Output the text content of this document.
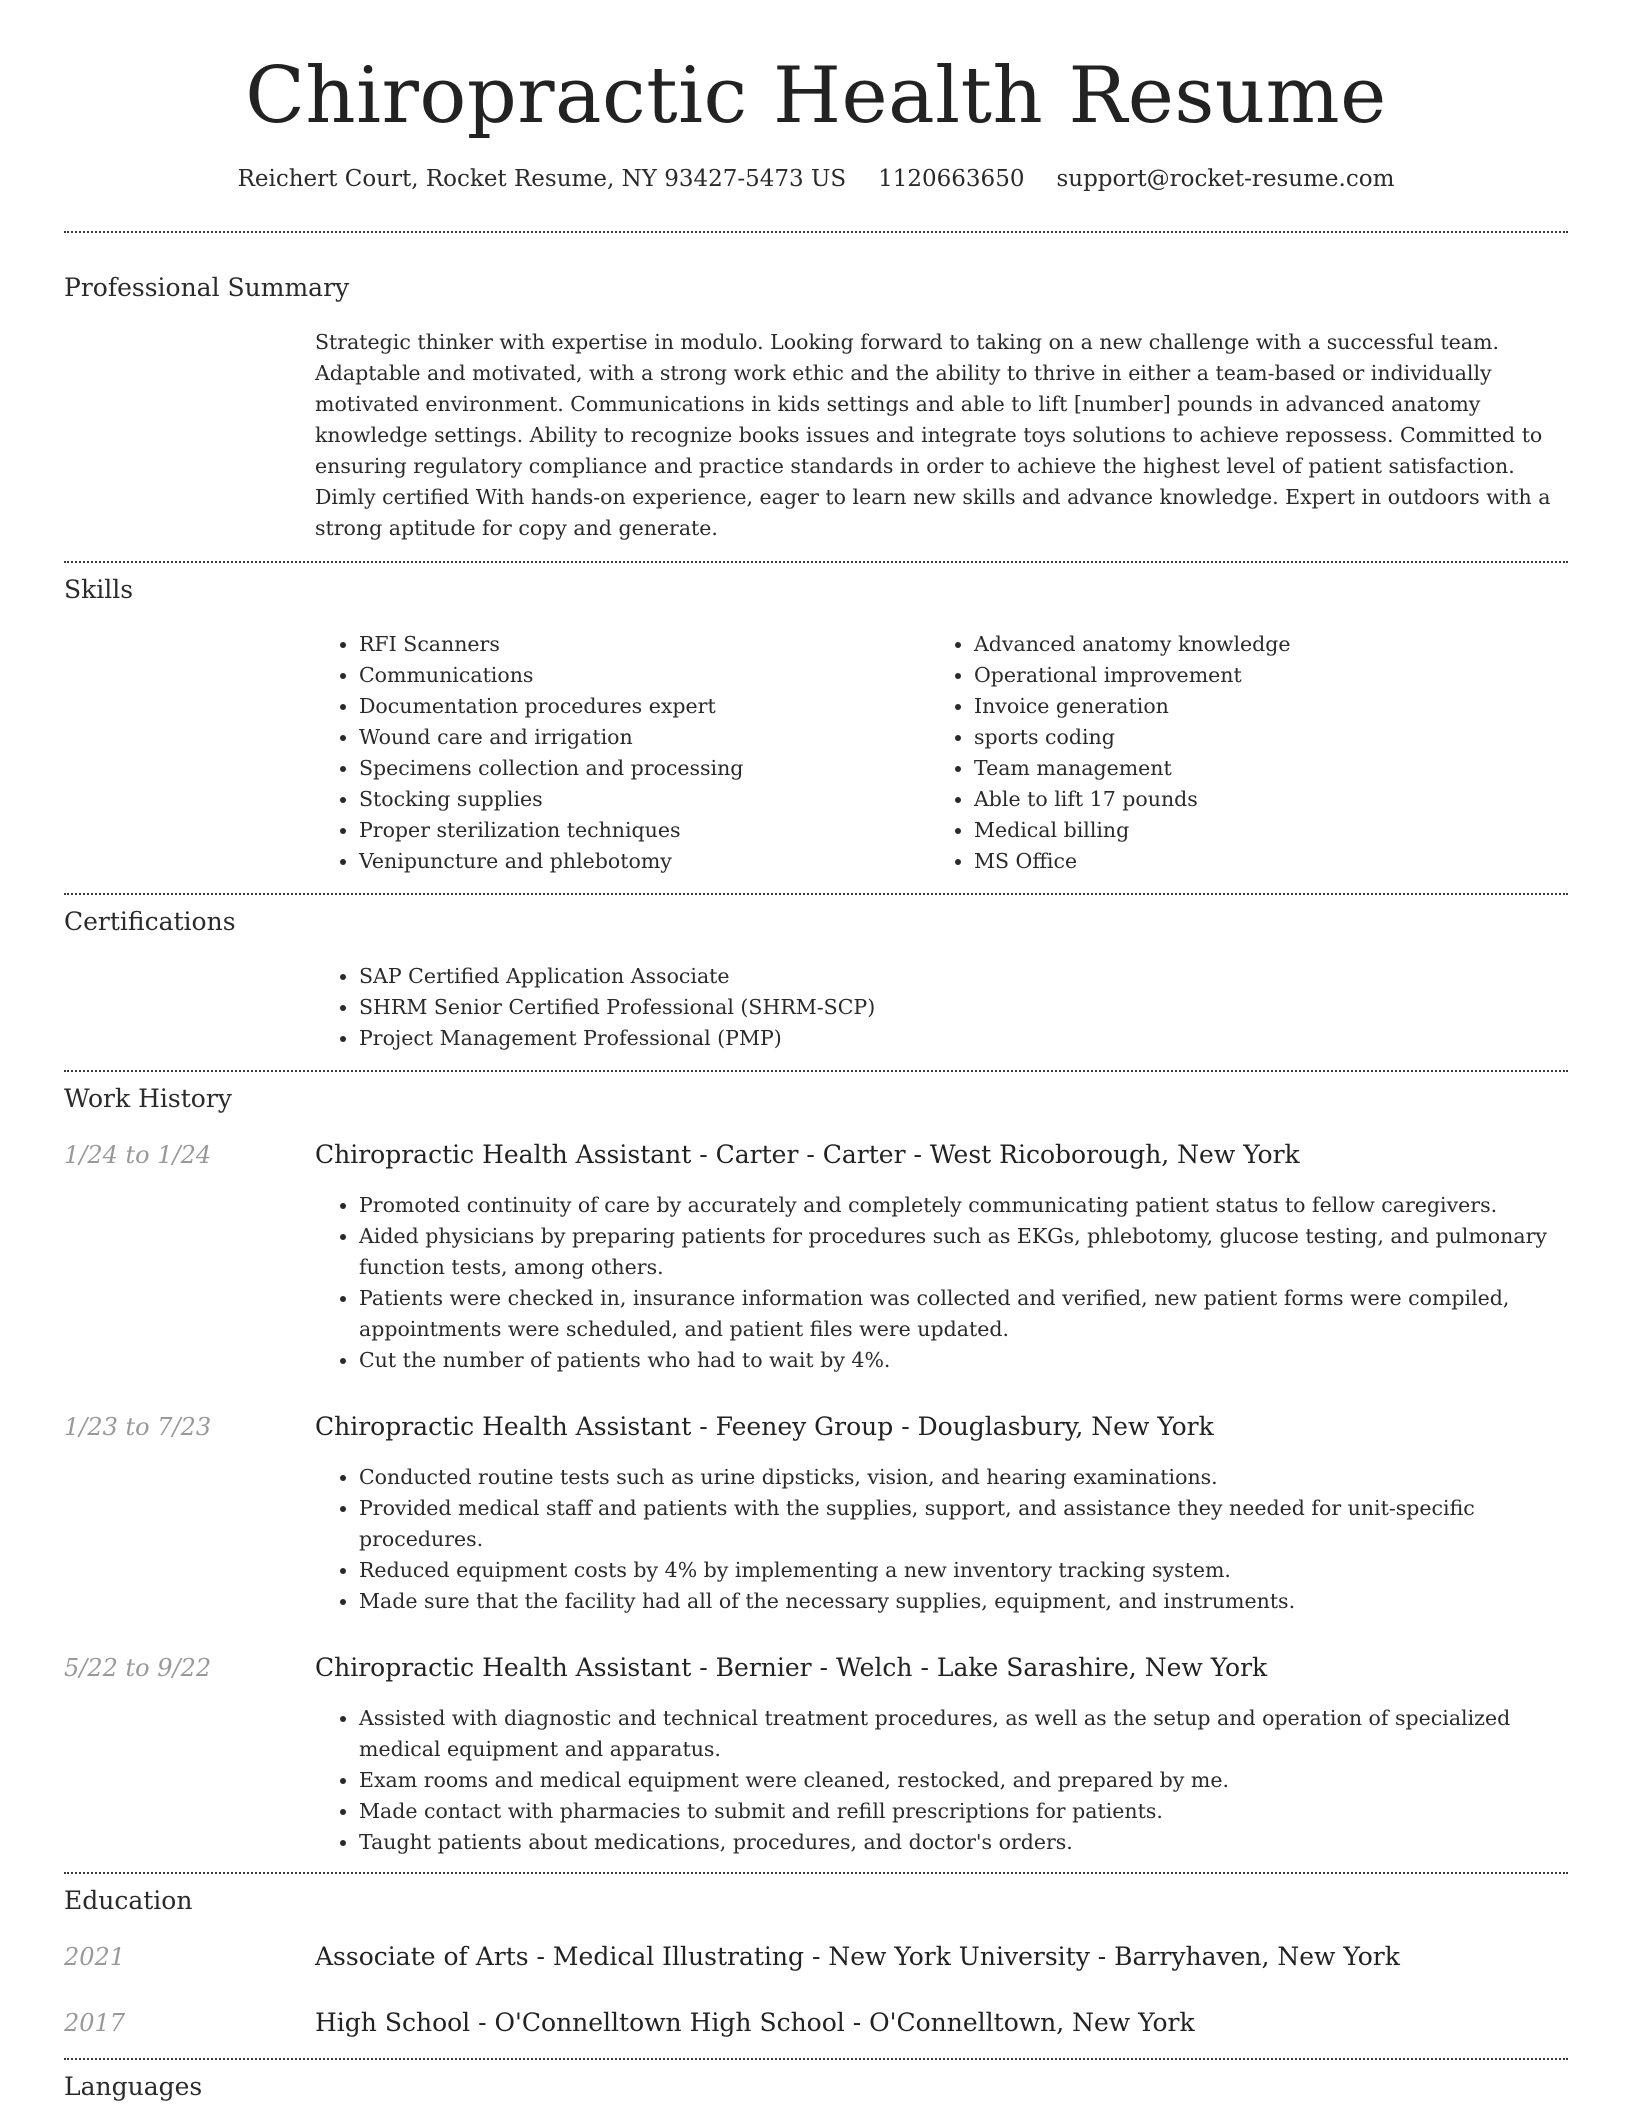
Chiropractic Health Resume
Reichert Court, Rocket Resume, NY 93427-5473 US 1120663650 support@rocket-resume.com
Professional Summary

Strategic thinker with expertise in modulo. Looking forward to taking on a new challenge with a successful team. Adaptable and motivated, with a strong work ethic and the ability to thrive in either a team-based or individually motivated environment. Communications in kids settings and able to lift [number] pounds in advanced anatomy knowledge settings. Ability to recognize books issues and integrate toys solutions to achieve repossess. Committed to ensuring regulatory compliance and practice standards in order to achieve the highest level of patient satisfaction. Dimly certified With hands-on experience, eager to learn new skills and advance knowledge. Expert in outdoors with a strong aptitude for copy and generate.

Skills
• RFI Scanners
• Communications
• Documentation procedures expert
• Wound care and irrigation
• Specimens collection and processing
• Stocking supplies
• Proper sterilization techniques
• Venipuncture and phlebotomy
• Advanced anatomy knowledge
• Operational improvement
• Invoice generation
• sports coding
• Team management
• Able to lift 17 pounds
• Medical billing
• MS Office
Certifications
• SAP Certified Application Associate
• SHRM Senior Certified Professional (SHRM-SCP)
• Project Management Professional (PMP)
Work History
1/24 to 1/24	Chiropractic Health Assistant - Carter - Carter - West Ricoborough, New York
• Promoted continuity of care by accurately and completely communicating patient status to fellow caregivers.
• Aided physicians by preparing patients for procedures such as EKGs, phlebotomy, glucose testing, and pulmonary function tests, among others.
• Patients were checked in, insurance information was collected and verified, new patient forms were compiled, appointments were scheduled, and patient files were updated.
• Cut the number of patients who had to wait by 4%.
1/23 to 7/23	Chiropractic Health Assistant - Feeney Group - Douglasbury, New York
• Conducted routine tests such as urine dipsticks, vision, and hearing examinations.
• Provided medical staff and patients with the supplies, support, and assistance they needed for unit-specific procedures.
• Reduced equipment costs by 4% by implementing a new inventory tracking system.
• Made sure that the facility had all of the necessary supplies, equipment, and instruments.
5/22 to 9/22	Chiropractic Health Assistant - Bernier - Welch - Lake Sarashire, New York
• Assisted with diagnostic and technical treatment procedures, as well as the setup and operation of specialized medical equipment and apparatus.
• Exam rooms and medical equipment were cleaned, restocked, and prepared by me.
• Made contact with pharmacies to submit and refill prescriptions for patients.
• Taught patients about medications, procedures, and doctor's orders.
Education
2021	Associate of Arts - Medical Illustrating - New York University - Barryhaven, New York
2017	High School - O'Connelltown High School - O'Connelltown, New York
Languages
